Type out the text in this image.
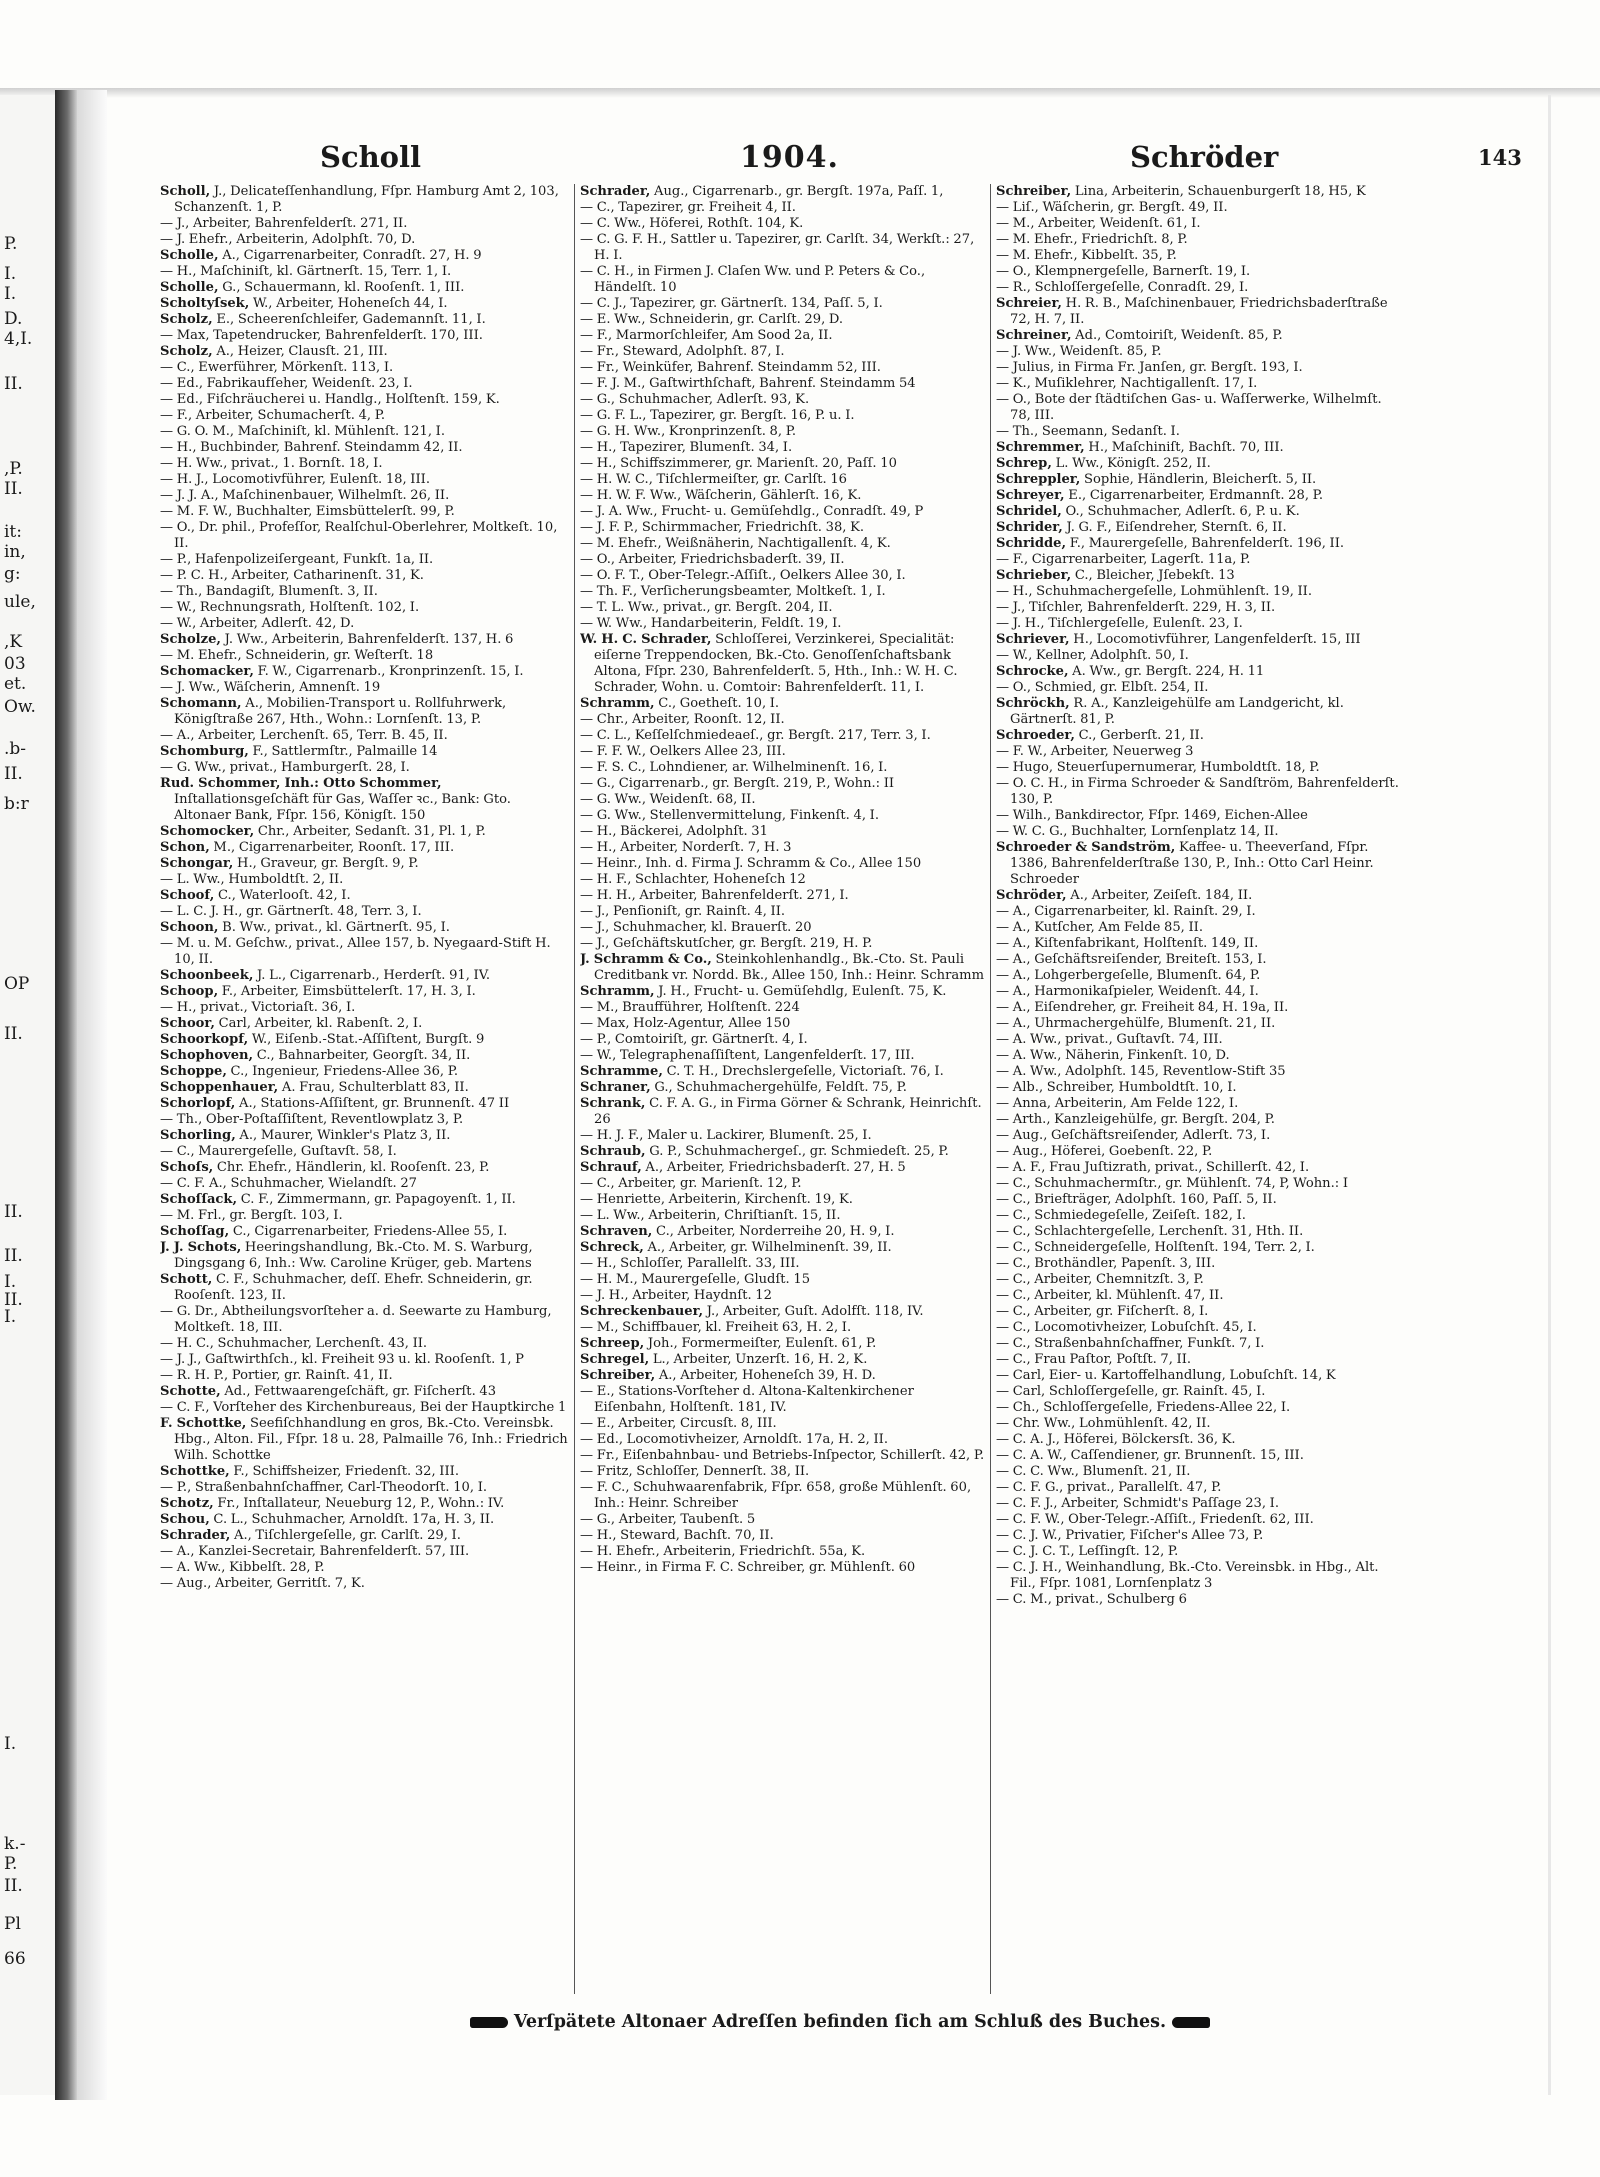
P.
I.
I.
D.
4,I.
II.
,P.
II.
it:
in,
g:
ule,
,K
03
et.
Ow.
.b-
II.
b:r
OP
II.
II.
II.
I.
II.
I.
I.
k.-
P.
II.
Pl
66
Scholl	1904.	Schröder	143
Scholl, J., Delicateſſenhandlung, Fſpr. Hamburg Amt 2, 103, Schanzenſt. 1, P.
— J., Arbeiter, Bahrenfelderſt. 271, II.
— J. Ehefr., Arbeiterin, Adolphſt. 70, D.
Scholle, A., Cigarrenarbeiter, Conradſt. 27, H. 9
— H., Maſchiniſt, kl. Gärtnerſt. 15, Terr. 1, I.
Scholle, G., Schauermann, kl. Rooſenſt. 1, III.
Scholtyſsek, W., Arbeiter, Hoheneſch 44, I.
Scholz, E., Scheerenſchleifer, Gademannſt. 11, I.
— Max, Tapetendrucker, Bahrenfelderſt. 170, III.
Scholz, A., Heizer, Clausſt. 21, III.
— C., Ewerführer, Mörkenſt. 113, I.
— Ed., Fabrikaufſeher, Weidenſt. 23, I.
— Ed., Fiſchräucherei u. Handlg., Holſtenſt. 159, K.
— F., Arbeiter, Schumacherſt. 4, P.
— G. O. M., Maſchiniſt, kl. Mühlenſt. 121, I.
— H., Buchbinder, Bahrenf. Steindamm 42, II.
— H. Ww., privat., 1. Bornſt. 18, I.
— H. J., Locomotivführer, Eulenſt. 18, III.
— J. J. A., Maſchinenbauer, Wilhelmſt. 26, II.
— M. F. W., Buchhalter, Eimsbüttelerſt. 99, P.
— O., Dr. phil., Profeſſor, Realſchul-Oberlehrer, Moltkeſt. 10, II.
— P., Hafenpolizeiſergeant, Funkſt. 1a, II.
— P. C. H., Arbeiter, Catharinenſt. 31, K.
— Th., Bandagiſt, Blumenſt. 3, II.
— W., Rechnungsrath, Holſtenſt. 102, I.
— W., Arbeiter, Adlerſt. 42, D.
Scholze, J. Ww., Arbeiterin, Bahrenfelderſt. 137, H. 6
— M. Ehefr., Schneiderin, gr. Weſterſt. 18
Schomacker, F. W., Cigarrenarb., Kronprinzenſt. 15, I.
— J. Ww., Wäſcherin, Amnenſt. 19
Schomann, A., Mobilien-Transport u. Rollfuhrwerk, Königſtraße 267, Hth., Wohn.: Lornſenſt. 13, P.
— A., Arbeiter, Lerchenſt. 65, Terr. B. 45, II.
Schomburg, F., Sattlermſtr., Palmaille 14
— G. Ww., privat., Hamburgerſt. 28, I.
Rud. Schommer, Inh.: Otto Schommer, Inſtallationsgeſchäft für Gas, Waſſer ꝛc., Bank: Gto. Altonaer Bank, Fſpr. 156, Königſt. 150
Schomocker, Chr., Arbeiter, Sedanſt. 31, Pl. 1, P.
Schon, M., Cigarrenarbeiter, Roonſt. 17, III.
Schongar, H., Graveur, gr. Bergſt. 9, P.
— L. Ww., Humboldtſt. 2, II.
Schoof, C., Waterlooſt. 42, I.
— L. C. J. H., gr. Gärtnerſt. 48, Terr. 3, I.
Schoon, B. Ww., privat., kl. Gärtnerſt. 95, I.
— M. u. M. Geſchw., privat., Allee 157, b. Nyegaard-Stift H. 10, II.
Schoonbeek, J. L., Cigarrenarb., Herderſt. 91, IV.
Schoop, F., Arbeiter, Eimsbüttelerſt. 17, H. 3, I.
— H., privat., Victoriaſt. 36, I.
Schoor, Carl, Arbeiter, kl. Rabenſt. 2, I.
Schoorkopf, W., Eiſenb.-Stat.-Aſſiſtent, Burgſt. 9
Schophoven, C., Bahnarbeiter, Georgſt. 34, II.
Schoppe, C., Ingenieur, Friedens-Allee 36, P.
Schoppenhauer, A. Frau, Schulterblatt 83, II.
Schorlopf, A., Stations-Aſſiſtent, gr. Brunnenſt. 47 II
— Th., Ober-Poſtaſſiſtent, Reventlowplatz 3, P.
Schorling, A., Maurer, Winkler's Platz 3, II.
— C., Maurergeſelle, Guſtavſt. 58, I.
Schoſs, Chr. Ehefr., Händlerin, kl. Rooſenſt. 23, P.
— C. F. A., Schuhmacher, Wielandſt. 27
Schoſſack, C. F., Zimmermann, gr. Papagoyenſt. 1, II.
— M. Frl., gr. Bergſt. 103, I.
Schoſſag, C., Cigarrenarbeiter, Friedens-Allee 55, I.
J. J. Schots, Heeringshandlung, Bk.-Cto. M. S. Warburg, Dingsgang 6, Inh.: Ww. Caroline Krüger, geb. Martens
Schott, C. F., Schuhmacher, deſſ. Ehefr. Schneiderin, gr. Rooſenſt. 123, II.
— G. Dr., Abtheilungsvorſteher a. d. Seewarte zu Hamburg, Moltkeſt. 18, III.
— H. C., Schuhmacher, Lerchenſt. 43, II.
— J. J., Gaſtwirthſch., kl. Freiheit 93 u. kl. Rooſenſt. 1, P
— R. H. P., Portier, gr. Rainſt. 41, II.
Schotte, Ad., Fettwaarengeſchäft, gr. Fiſcherſt. 43
— C. F., Vorſteher des Kirchenbureaus, Bei der Hauptkirche 1
F. Schottke, Seefiſchhandlung en gros, Bk.-Cto. Vereinsbk. Hbg., Alton. Fil., Fſpr. 18 u. 28, Palmaille 76, Inh.: Friedrich Wilh. Schottke
Schottke, F., Schiffsheizer, Friedenſt. 32, III.
— P., Straßenbahnſchaffner, Carl-Theodorſt. 10, I.
Schotz, Fr., Inſtallateur, Neueburg 12, P., Wohn.: IV.
Schou, C. L., Schuhmacher, Arnoldſt. 17a, H. 3, II.
Schrader, A., Tiſchlergeſelle, gr. Carlſt. 29, I.
— A., Kanzlei-Secretair, Bahrenfelderſt. 57, III.
— A. Ww., Kibbelſt. 28, P.
— Aug., Arbeiter, Gerritſt. 7, K.
Schrader, Aug., Cigarrenarb., gr. Bergſt. 197a, Paſſ. 1,
— C., Tapezirer, gr. Freiheit 4, II.
— C. Ww., Höferei, Rothſt. 104, K.
— C. G. F. H., Sattler u. Tapezirer, gr. Carlſt. 34, Werkſt.: 27, H. I.
— C. H., in Firmen J. Claſen Ww. und P. Peters & Co., Händelſt. 10
— C. J., Tapezirer, gr. Gärtnerſt. 134, Paſſ. 5, I.
— E. Ww., Schneiderin, gr. Carlſt. 29, D.
— F., Marmorſchleifer, Am Sood 2a, II.
— Fr., Steward, Adolphſt. 87, I.
— Fr., Weinküfer, Bahrenf. Steindamm 52, III.
— F. J. M., Gaſtwirthſchaft, Bahrenf. Steindamm 54
— G., Schuhmacher, Adlerſt. 93, K.
— G. F. L., Tapezirer, gr. Bergſt. 16, P. u. I.
— G. H. Ww., Kronprinzenſt. 8, P.
— H., Tapezirer, Blumenſt. 34, I.
— H., Schiffszimmerer, gr. Marienſt. 20, Paſſ. 10
— H. W. C., Tiſchlermeiſter, gr. Carlſt. 16
— H. W. F. Ww., Wäſcherin, Gählerſt. 16, K.
— J. A. Ww., Frucht- u. Gemüſehdlg., Conradſt. 49, P
— J. F. P., Schirmmacher, Friedrichſt. 38, K.
— M. Ehefr., Weißnäherin, Nachtigallenſt. 4, K.
— O., Arbeiter, Friedrichsbaderſt. 39, II.
— O. F. T., Ober-Telegr.-Aſſiſt., Oelkers Allee 30, I.
— Th. F., Verſicherungsbeamter, Moltkeſt. 1, I.
— T. L. Ww., privat., gr. Bergſt. 204, II.
— W. Ww., Handarbeiterin, Feldſt. 19, I.
W. H. C. Schrader, Schloſſerei, Verzinkerei, Specialität: eiſerne Treppendocken, Bk.-Cto. Genoſſenſchaftsbank Altona, Fſpr. 230, Bahrenfelderſt. 5, Hth., Inh.: W. H. C. Schrader, Wohn. u. Comtoir: Bahrenfelderſt. 11, I.
Schramm, C., Goetheſt. 10, I.
— Chr., Arbeiter, Roonſt. 12, II.
— C. L., Keſſelſchmiedeaeſ., gr. Bergſt. 217, Terr. 3, I.
— F. F. W., Oelkers Allee 23, III.
— F. S. C., Lohndiener, ar. Wilhelminenſt. 16, I.
— G., Cigarrenarb., gr. Bergſt. 219, P., Wohn.: II
— G. Ww., Weidenſt. 68, II.
— G. Ww., Stellenvermittelung, Finkenſt. 4, I.
— H., Bäckerei, Adolphſt. 31
— H., Arbeiter, Norderſt. 7, H. 3
— Heinr., Inh. d. Firma J. Schramm & Co., Allee 150
— H. F., Schlachter, Hoheneſch 12
— H. H., Arbeiter, Bahrenfelderſt. 271, I.
— J., Penſioniſt, gr. Rainſt. 4, II.
— J., Schuhmacher, kl. Brauerſt. 20
— J., Geſchäftskutſcher, gr. Bergſt. 219, H. P.
J. Schramm & Co., Steinkohlenhandlg., Bk.-Cto. St. Pauli Creditbank vr. Nordd. Bk., Allee 150, Inh.: Heinr. Schramm
Schramm, J. H., Frucht- u. Gemüſehdlg, Eulenſt. 75, K.
— M., Braufführer, Holſtenſt. 224
— Max, Holz-Agentur, Allee 150
— P., Comtoiriſt, gr. Gärtnerſt. 4, I.
— W., Telegraphenaſſiſtent, Langenfelderſt. 17, III.
Schramme, C. T. H., Drechslergeſelle, Victoriaſt. 76, I.
Schraner, G., Schuhmachergehülfe, Feldſt. 75, P.
Schrank, C. F. A. G., in Firma Görner & Schrank, Heinrichſt. 26
— H. J. F., Maler u. Lackirer, Blumenſt. 25, I.
Schraub, G. P., Schuhmachergeſ., gr. Schmiedeſt. 25, P.
Schrauf, A., Arbeiter, Friedrichsbaderſt. 27, H. 5
— C., Arbeiter, gr. Marienſt. 12, P.
— Henriette, Arbeiterin, Kirchenſt. 19, K.
— L. Ww., Arbeiterin, Chriſtianſt. 15, II.
Schraven, C., Arbeiter, Norderreihe 20, H. 9, I.
Schreck, A., Arbeiter, gr. Wilhelminenſt. 39, II.
— H., Schloſſer, Parallelſt. 33, III.
— H. M., Maurergeſelle, Gludſt. 15
— J. H., Arbeiter, Haydnſt. 12
Schreckenbauer, J., Arbeiter, Guſt. Adolfſt. 118, IV.
— M., Schiffbauer, kl. Freiheit 63, H. 2, I.
Schreep, Joh., Formermeiſter, Eulenſt. 61, P.
Schregel, L., Arbeiter, Unzerſt. 16, H. 2, K.
Schreiber, A., Arbeiter, Hoheneſch 39, H. D.
— E., Stations-Vorſteher d. Altona-Kaltenkirchener Eiſenbahn, Holſtenſt. 181, IV.
— E., Arbeiter, Circusſt. 8, III.
— Ed., Locomotivheizer, Arnoldſt. 17a, H. 2, II.
— Fr., Eiſenbahnbau- und Betriebs-Inſpector, Schillerſt. 42, P.
— Fritz, Schloſſer, Dennerſt. 38, II.
— F. C., Schuhwaarenfabrik, Fſpr. 658, große Mühlenſt. 60, Inh.: Heinr. Schreiber
— G., Arbeiter, Taubenſt. 5
— H., Steward, Bachſt. 70, II.
— H. Ehefr., Arbeiterin, Friedrichſt. 55a, K.
— Heinr., in Firma F. C. Schreiber, gr. Mühlenſt. 60
Schreiber, Lina, Arbeiterin, Schauenburgerſt 18, H5, K
— Liſ., Wäſcherin, gr. Bergſt. 49, II.
— M., Arbeiter, Weidenſt. 61, I.
— M. Ehefr., Friedrichſt. 8, P.
— M. Ehefr., Kibbelſt. 35, P.
— O., Klempnergeſelle, Barnerſt. 19, I.
— R., Schloſſergeſelle, Conradſt. 29, I.
Schreier, H. R. B., Maſchinenbauer, Friedrichsbaderſtraße 72, H. 7, II.
Schreiner, Ad., Comtoiriſt, Weidenſt. 85, P.
— J. Ww., Weidenſt. 85, P.
— Julius, in Firma Fr. Janſen, gr. Bergſt. 193, I.
— K., Muſiklehrer, Nachtigallenſt. 17, I.
— O., Bote der ſtädtiſchen Gas- u. Waſſerwerke, Wilhelmſt. 78, III.
— Th., Seemann, Sedanſt. I.
Schremmer, H., Maſchiniſt, Bachſt. 70, III.
Schrep, L. Ww., Königſt. 252, II.
Schreppler, Sophie, Händlerin, Bleicherſt. 5, II.
Schreyer, E., Cigarrenarbeiter, Erdmannſt. 28, P.
Schridel, O., Schuhmacher, Adlerſt. 6, P. u. K.
Schrider, J. G. F., Eiſendreher, Sternſt. 6, II.
Schridde, F., Maurergeſelle, Bahrenfelderſt. 196, II.
— F., Cigarrenarbeiter, Lagerſt. 11a, P.
Schrieber, C., Bleicher, Jſebekſt. 13
— H., Schuhmachergeſelle, Lohmühlenſt. 19, II.
— J., Tiſchler, Bahrenfelderſt. 229, H. 3, II.
— J. H., Tiſchlergeſelle, Eulenſt. 23, I.
Schriever, H., Locomotivführer, Langenfelderſt. 15, III
— W., Kellner, Adolphſt. 50, I.
Schrocke, A. Ww., gr. Bergſt. 224, H. 11
— O., Schmied, gr. Elbſt. 254, II.
Schröckh, R. A., Kanzleigehülfe am Landgericht, kl. Gärtnerſt. 81, P.
Schroeder, C., Gerberſt. 21, II.
— F. W., Arbeiter, Neuerweg 3
— Hugo, Steuerſupernumerar, Humboldtſt. 18, P.
— O. C. H., in Firma Schroeder & Sandſtröm, Bahrenfelderſt. 130, P.
— Wilh., Bankdirector, Fſpr. 1469, Eichen-Allee
— W. C. G., Buchhalter, Lornſenplatz 14, II.
Schroeder & Sandström, Kaffee- u. Theeverſand, Fſpr. 1386, Bahrenfelderſtraße 130, P., Inh.: Otto Carl Heinr. Schroeder
Schröder, A., Arbeiter, Zeiſeſt. 184, II.
— A., Cigarrenarbeiter, kl. Rainſt. 29, I.
— A., Kutſcher, Am Felde 85, II.
— A., Kiſtenfabrikant, Holſtenſt. 149, II.
— A., Geſchäftsreiſender, Breiteſt. 153, I.
— A., Lohgerbergeſelle, Blumenſt. 64, P.
— A., Harmonikaſpieler, Weidenſt. 44, I.
— A., Eiſendreher, gr. Freiheit 84, H. 19a, II.
— A., Uhrmachergehülfe, Blumenſt. 21, II.
— A. Ww., privat., Guſtavſt. 74, III.
— A. Ww., Näherin, Finkenſt. 10, D.
— A. Ww., Adolphſt. 145, Reventlow-Stift 35
— Alb., Schreiber, Humboldtſt. 10, I.
— Anna, Arbeiterin, Am Felde 122, I.
— Arth., Kanzleigehülfe, gr. Bergſt. 204, P.
— Aug., Geſchäftsreiſender, Adlerſt. 73, I.
— Aug., Höferei, Goebenſt. 22, P.
— A. F., Frau Juſtizrath, privat., Schillerſt. 42, I.
— C., Schuhmachermſtr., gr. Mühlenſt. 74, P, Wohn.: I
— C., Briefträger, Adolphſt. 160, Paſſ. 5, II.
— C., Schmiedegeſelle, Zeiſeſt. 182, I.
— C., Schlachtergeſelle, Lerchenſt. 31, Hth. II.
— C., Schneidergeſelle, Holſtenſt. 194, Terr. 2, I.
— C., Brothändler, Papenſt. 3, III.
— C., Arbeiter, Chemnitzſt. 3, P.
— C., Arbeiter, kl. Mühlenſt. 47, II.
— C., Arbeiter, gr. Fiſcherſt. 8, I.
— C., Locomotivheizer, Lobuſchſt. 45, I.
— C., Straßenbahnſchaffner, Funkſt. 7, I.
— C., Frau Paſtor, Poſtſt. 7, II.
— Carl, Eier- u. Kartoffelhandlung, Lobuſchſt. 14, K
— Carl, Schloſſergeſelle, gr. Rainſt. 45, I.
— Ch., Schloſſergeſelle, Friedens-Allee 22, I.
— Chr. Ww., Lohmühlenſt. 42, II.
— C. A. J., Höferei, Bölckersſt. 36, K.
— C. A. W., Caſſendiener, gr. Brunnenſt. 15, III.
— C. C. Ww., Blumenſt. 21, II.
— C. F. G., privat., Parallelſt. 47, P.
— C. F. J., Arbeiter, Schmidt's Paſſage 23, I.
— C. F. W., Ober-Telegr.-Aſſiſt., Friedenſt. 62, III.
— C. J. W., Privatier, Fiſcher's Allee 73, P.
— C. J. C. T., Leſſingſt. 12, P.
— C. J. H., Weinhandlung, Bk.-Cto. Vereinsbk. in Hbg., Alt. Fil., Fſpr. 1081, Lornſenplatz 3
— C. M., privat., Schulberg 6
Verſpätete Altonaer Adreſſen befinden ſich am Schluß des Buches.
